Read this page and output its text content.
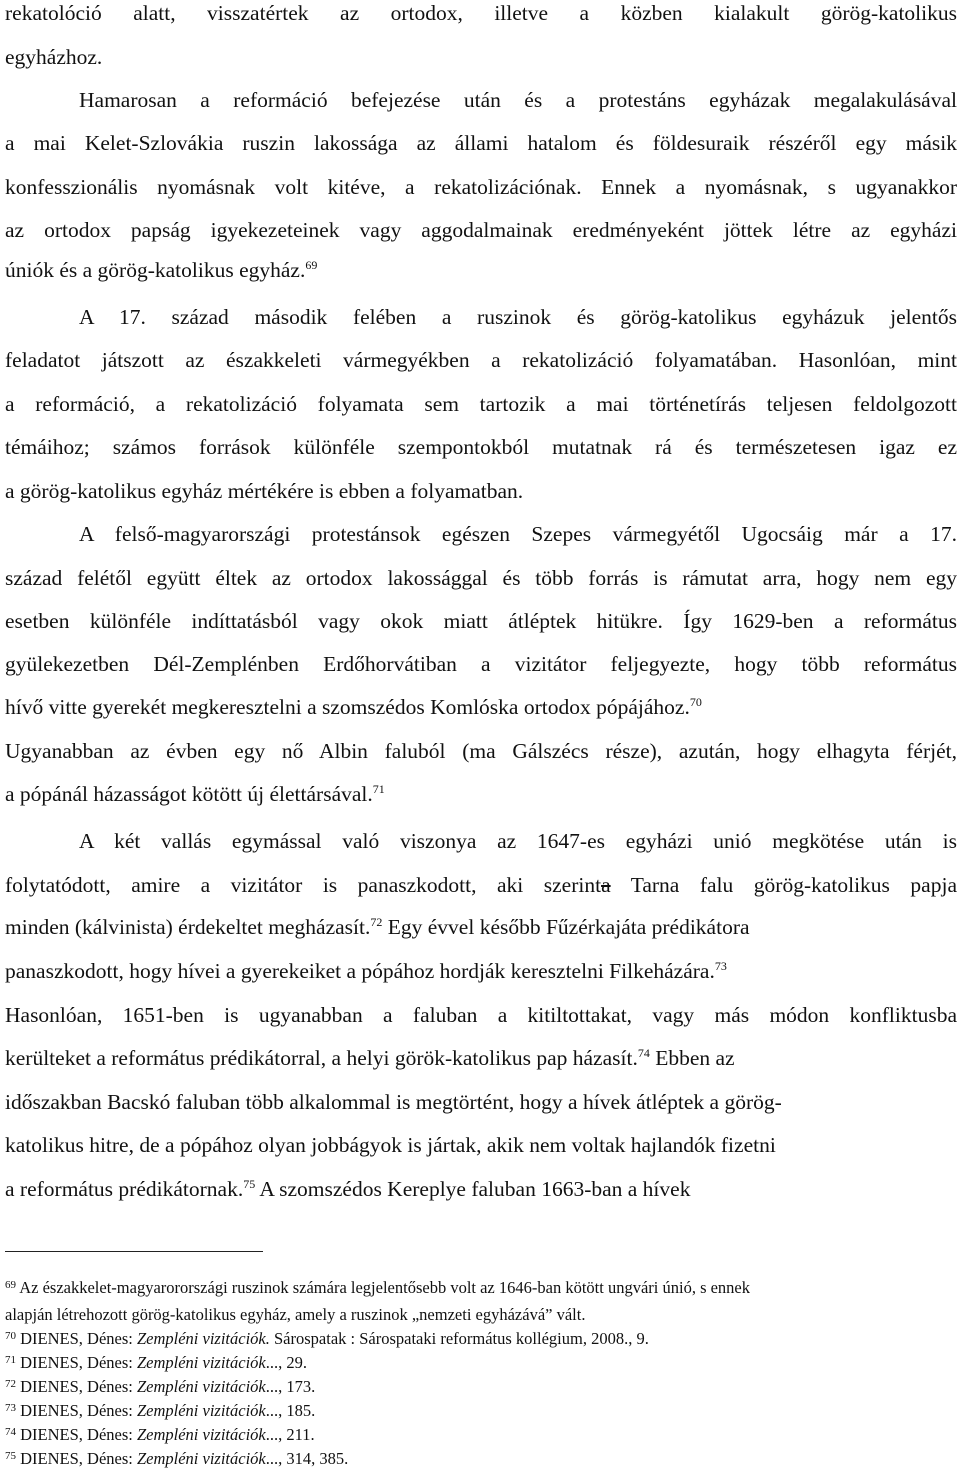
rekatolóció alatt, visszatértek az ortodox, illetve a közben kialakult görög-katolikus
egyházhoz.
Hamarosan a reformáció befejezése után és a protestáns egyházak megalakulásával
a mai Kelet-Szlovákia ruszin lakossága az állami hatalom és földesuraik részéről egy másik
konfesszionális nyomásnak volt kitéve, a rekatolizációnak. Ennek a nyomásnak, s ugyanakkor
az ortodox papság igyekezeteinek vagy aggodalmainak eredményeként jöttek létre az egyházi
úniók és a görög-katolikus egyház.$^{69}$
A 17. század második felében a ruszinok és görög-katolikus egyházuk jelentős
feladatot játszott az északkeleti vármegyékben a rekatolizáció folyamatában. Hasonlóan, mint
a reformáció, a rekatolizáció folyamata sem tartozik a mai történetírás teljesen feldolgozott
témáihoz; számos források különféle szempontokból mutatnak rá és természetesen igaz ez
a görög-katolikus egyház mértékére is ebben a folyamatban.
A felső-magyarországi protestánsok egészen Szepes vármegyétől Ugocsáig már a 17.
század felétől együtt éltek az ortodox lakossággal és több forrás is rámutat arra, hogy nem egy
esetben különféle indíttatásból vagy okok miatt átléptek hitükre. Így 1629-ben a református
gyülekezetben Dél-Zemplénben Erdőhorvátiban a vizitátor feljegyezte, hogy több református
hívő vitte gyerekét megkeresztelni a szomszédos Komlóska ortodox pópájához.$^{70}$
Ugyanabban az évben egy nő Albin faluból (ma Gálszécs része), azután, hogy elhagyta férjét,
a pópánál házasságot kötött új élettársával.$^{71}$
A két vallás egymással való viszonya az 1647-es egyházi unió megkötése után is
folytatódott, amire a vizitátor is panaszkodott, aki szerinta Tarna falu görög-katolikus papja
minden (kálvinista) érdekeltet megházasít.$^{72}$ Egy évvel később Fűzérkajáta prédikátora
panaszkodott, hogy hívei a gyerekeiket a pópához hordják keresztelni Filkeházára.$^{73}$
Hasonlóan, 1651-ben is ugyanabban a faluban a kitiltottakat, vagy más módon konfliktusba
kerülteket a református prédikátorral, a helyi görök-katolikus pap házasít.$^{74}$ Ebben az
időszakban Bacskó faluban több alkalommal is megtörtént, hogy a hívek átléptek a görög-
katolikus hitre, de a pópához olyan jobbágyok is jártak, akik nem voltak hajlandók fizetni
a református prédikátornak.$^{75}$ A szomszédos Kereplye faluban 1663-ban a hívek
$^{69}$ Az északkelet-magyarorországi ruszinok számára legjelentősebb volt az 1646-ban kötött ungvári únió, s ennek
alapján létrehozott görög-katolikus egyház, amely a ruszinok „nemzeti egyházává” vált.
$^{70}$ DIENES, Dénes: Zempléni vizitációk. Sárospatak : Sárospataki református kollégium, 2008., 9.
$^{71}$ DIENES, Dénes: Zempléni vizitációk..., 29.
$^{72}$ DIENES, Dénes: Zempléni vizitációk..., 173.
$^{73}$ DIENES, Dénes: Zempléni vizitációk..., 185.
$^{74}$ DIENES, Dénes: Zempléni vizitációk..., 211.
$^{75}$ DIENES, Dénes: Zempléni vizitációk..., 314, 385.
